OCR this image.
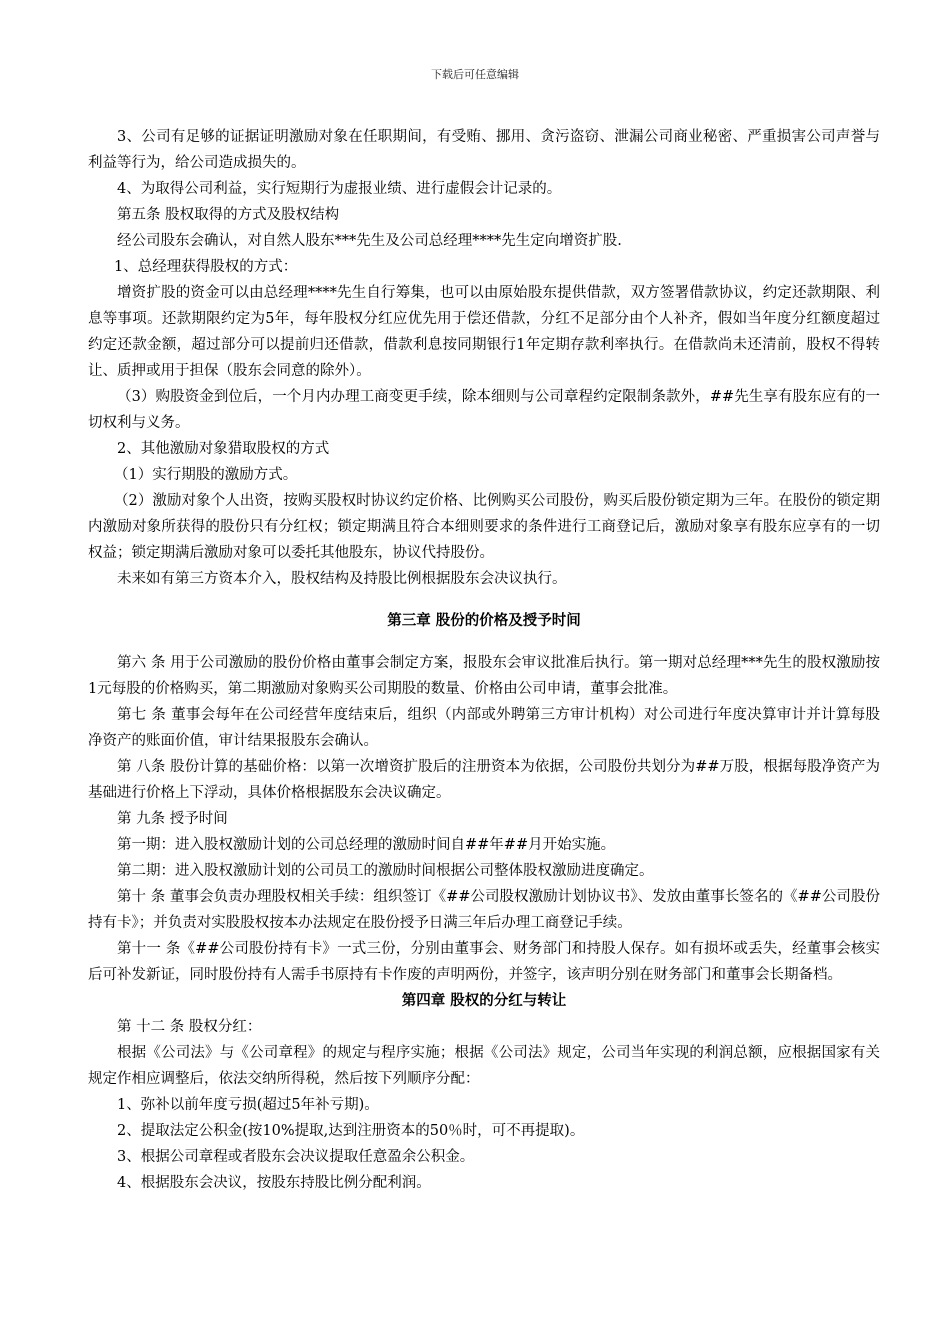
下载后可任意编辑

3、公司有足够的证据证明激励对象在任职期间，有受贿、挪用、贪污盗窃、泄漏公司商业秘密、严重损害公司声誉与利益等行为，给公司造成损失的。

4、为取得公司利益，实行短期行为虚报业绩、进行虚假会计记录的。

第五条 股权取得的方式及股权结构

经公司股东会确认，对自然人股东***先生及公司总经理****先生定向增资扩股.

1、总经理获得股权的方式：

增资扩股的资金可以由总经理****先生自行筹集，也可以由原始股东提供借款，双方签署借款协议，约定还款期限、利息等事项。还款期限约定为5年，每年股权分红应优先用于偿还借款，分红不足部分由个人补齐，假如当年度分红额度超过约定还款金额，超过部分可以提前归还借款，借款利息按同期银行1年定期存款利率执行。在借款尚未还清前，股权不得转让、质押或用于担保（股东会同意的除外）。

（3）购股资金到位后，一个月内办理工商变更手续，除本细则与公司章程约定限制条款外，##先生享有股东应有的一切权利与义务。

2、其他激励对象猎取股权的方式

（1）实行期股的激励方式。

（2）激励对象个人出资，按购买股权时协议约定价格、比例购买公司股份，购买后股份锁定期为三年。在股份的锁定期内激励对象所获得的股份只有分红权；锁定期满且符合本细则要求的条件进行工商登记后，激励对象享有股东应享有的一切权益；锁定期满后激励对象可以委托其他股东，协议代持股份。

未来如有第三方资本介入，股权结构及持股比例根据股东会决议执行。

第三章 股份的价格及授予时间

第六 条 用于公司激励的股份价格由董事会制定方案，报股东会审议批准后执行。第一期对总经理***先生的股权激励按1元每股的价格购买，第二期激励对象购买公司期股的数量、价格由公司申请，董事会批准。

第七 条 董事会每年在公司经营年度结束后，组织（内部或外聘第三方审计机构）对公司进行年度决算审计并计算每股净资产的账面价值，审计结果报股东会确认。

第 八条 股份计算的基础价格：以第一次增资扩股后的注册资本为依据，公司股份共划分为##万股，根据每股净资产为基础进行价格上下浮动，具体价格根据股东会决议确定。

第 九条 授予时间

第一期：进入股权激励计划的公司总经理的激励时间自##年##月开始实施。

第二期：进入股权激励计划的公司员工的激励时间根据公司整体股权激励进度确定。

第十 条 董事会负责办理股权相关手续：组织签订《##公司股权激励计划协议书》、发放由董事长签名的《##公司股份持有卡》；并负责对实股股权按本办法规定在股份授予日满三年后办理工商登记手续。

第十一 条《##公司股份持有卡》一式三份，分别由董事会、财务部门和持股人保存。如有损坏或丢失，经董事会核实后可补发新证，同时股份持有人需手书原持有卡作废的声明两份，并签字，该声明分别在财务部门和董事会长期备档。

第四章 股权的分红与转让

第 十二 条 股权分红：

根据《公司法》与《公司章程》的规定与程序实施；根据《公司法》规定，公司当年实现的利润总额，应根据国家有关规定作相应调整后，依法交纳所得税，然后按下列顺序分配：

1、弥补以前年度亏损(超过5年补亏期)。

2、提取法定公积金(按10%提取,达到注册资本的50％时，可不再提取)。

3、根据公司章程或者股东会决议提取任意盈余公积金。

4、根据股东会决议，按股东持股比例分配利润。
